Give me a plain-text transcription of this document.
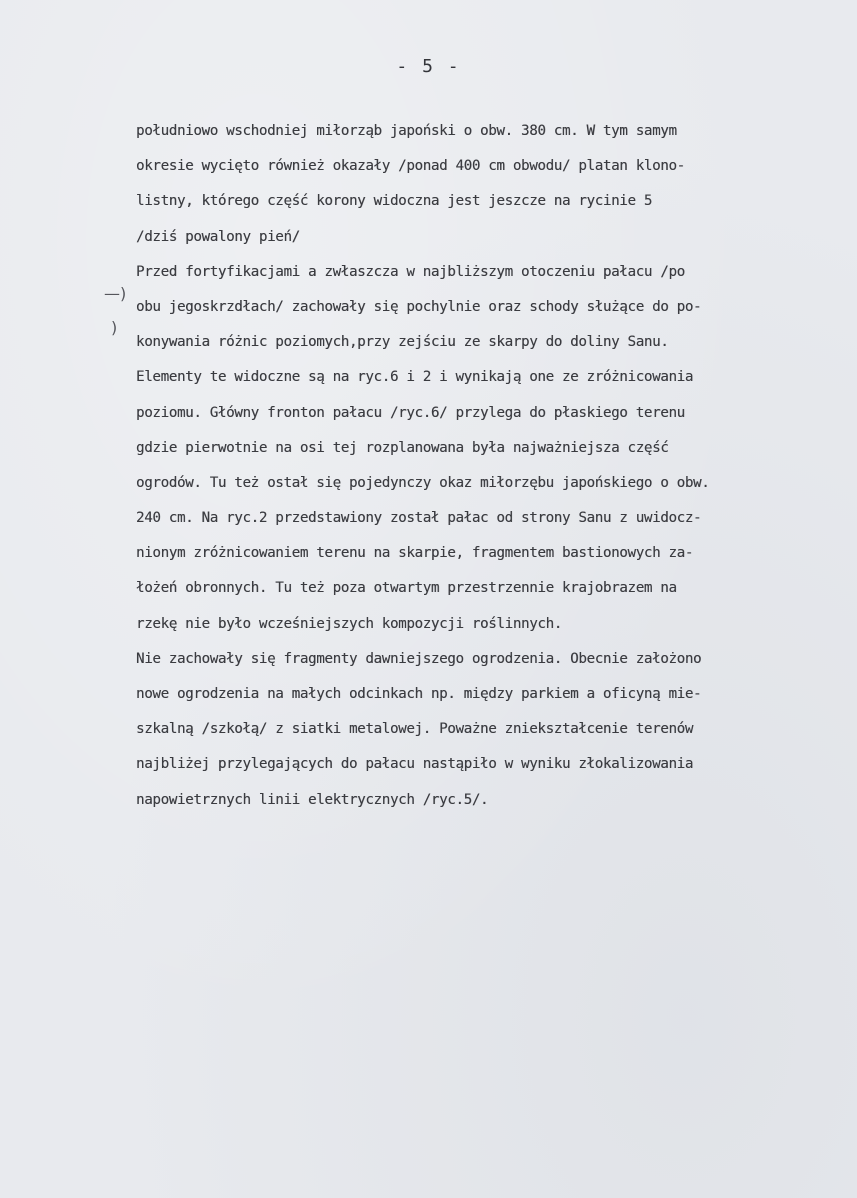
- 5 -
—)
)
południowo wschodniej miłorząb japoński o obw. 380 cm. W tym samym
okresie wycięto również okazały /ponad 400 cm obwodu/ platan klono-
listny, którego część korony widoczna jest jeszcze na rycinie 5
/dziś powalony pień/
Przed fortyfikacjami a zwłaszcza w najbliższym otoczeniu pałacu /po
obu jegoskrzdłach/ zachowały się pochylnie oraz schody służące do po-
konywania różnic poziomych,przy zejściu ze skarpy do doliny Sanu.
Elementy te widoczne są na ryc.6 i 2 i wynikają one ze zróżnicowania
poziomu. Główny fronton pałacu /ryc.6/ przylega do płaskiego terenu
gdzie pierwotnie na osi tej rozplanowana była najważniejsza część
ogrodów. Tu też ostał się pojedynczy okaz miłorzębu japońskiego o obw.
240 cm. Na ryc.2 przedstawiony został pałac od strony Sanu z uwidocz-
nionym zróżnicowaniem terenu na skarpie, fragmentem bastionowych za-
łożeń obronnych. Tu też poza otwartym przestrzennie krajobrazem na
rzekę nie było wcześniejszych kompozycji roślinnych.
Nie zachowały się fragmenty dawniejszego ogrodzenia. Obecnie założono
nowe ogrodzenia na małych odcinkach np. między parkiem a oficyną mie-
szkalną /szkołą/ z siatki metalowej. Poważne zniekształcenie terenów
najbliżej przylegających do pałacu nastąpiło w wyniku złokalizowania
napowietrznych linii elektrycznych /ryc.5/.
